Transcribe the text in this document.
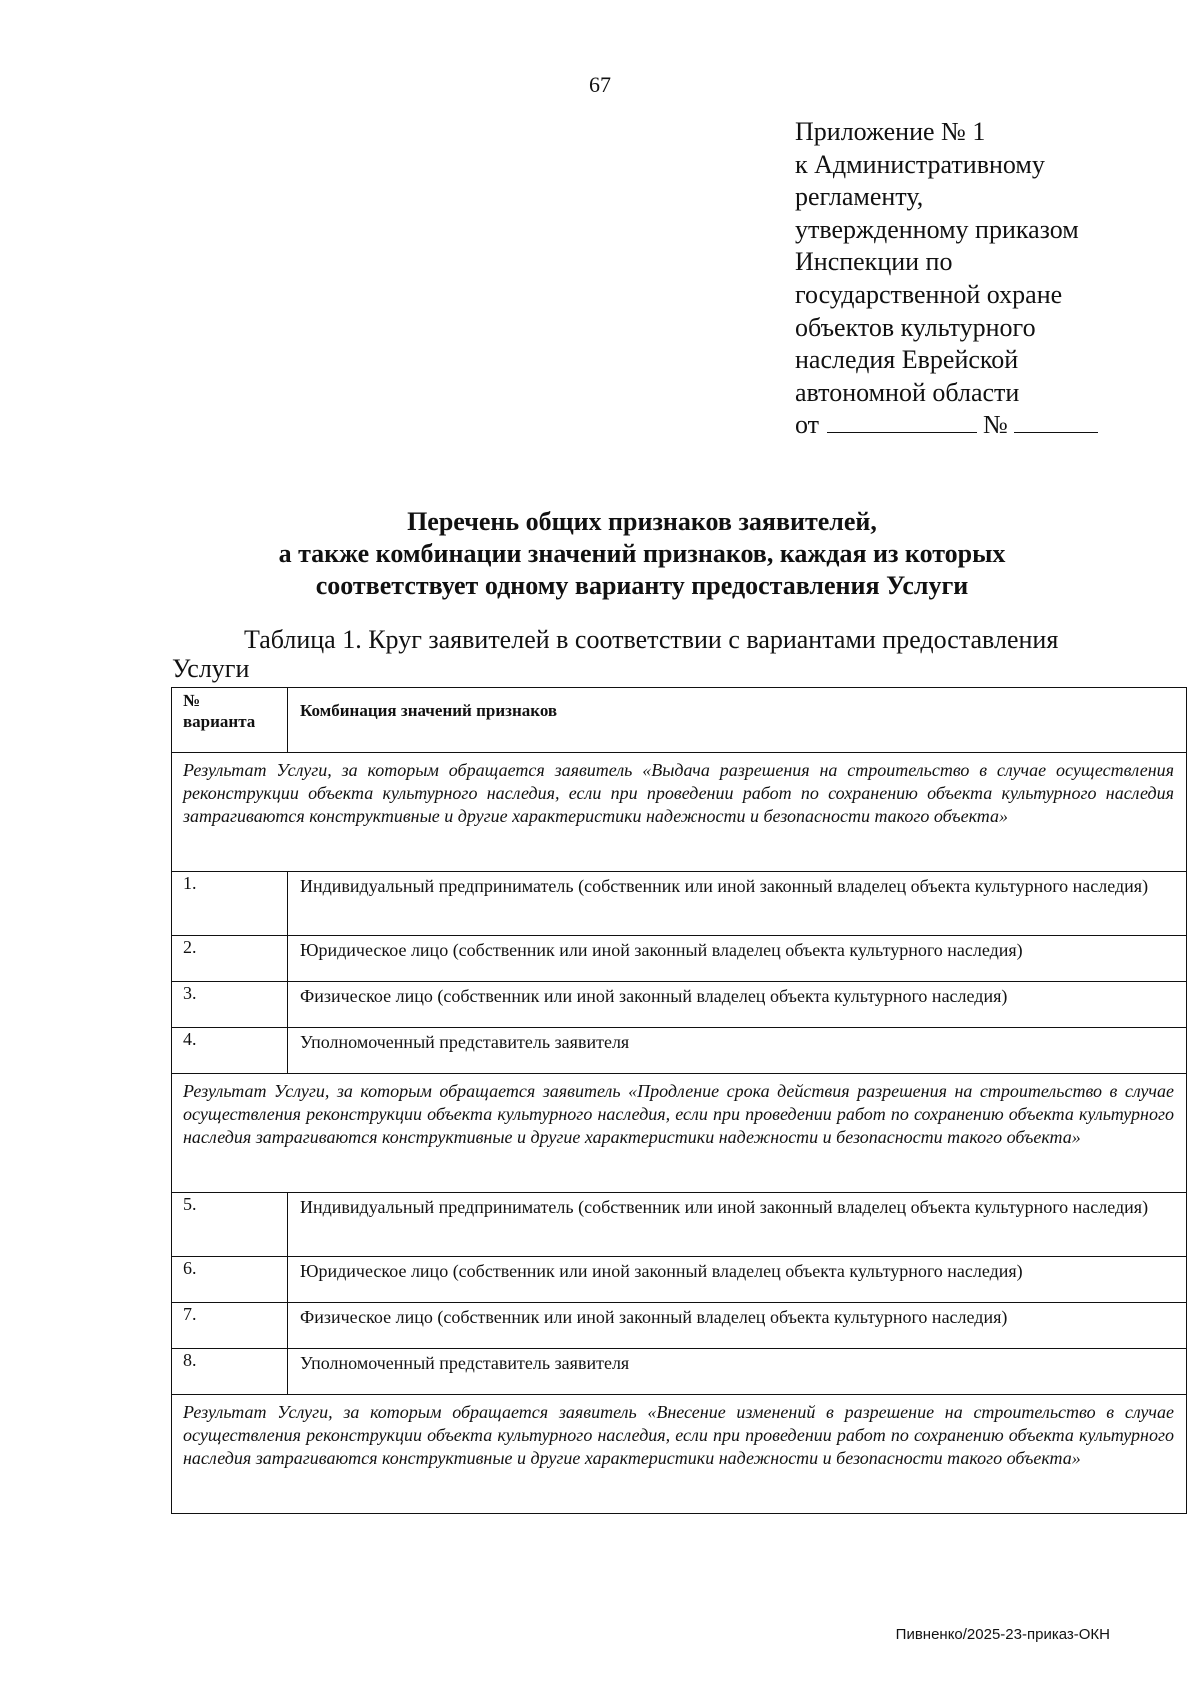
67
Приложение № 1
к Административному
регламенту,
утвержденному приказом
Инспекции по
государственной охране
объектов культурного
наследия Еврейской
автономной области
от	№
Перечень общих признаков заявителей,
а также комбинации значений признаков, каждая из которых
соответствует одному варианту предоставления Услуги
Таблица 1. Круг заявителей в соответствии с вариантами предоставления Услуги
№
варианта	Комбинация значений признаков
Результат Услуги, за которым обращается заявитель «Выдача разрешения на строительство в случае осуществления реконструкции объекта культурного наследия, если при проведении работ по сохранению объекта культурного наследия затрагиваются конструктивные и другие характеристики надежности и безопасности такого объекта»	
1.	Индивидуальный предприниматель (собственник или иной законный владелец объекта культурного наследия)
2.	Юридическое лицо (собственник или иной законный владелец объекта культурного наследия)
3.	Физическое лицо (собственник или иной законный владелец объекта культурного наследия)
4.	Уполномоченный представитель заявителя
Результат Услуги, за которым обращается заявитель «Продление срока действия разрешения на строительство в случае осуществления реконструкции объекта культурного наследия, если при проведении работ по сохранению объекта культурного наследия затрагиваются конструктивные и другие характеристики надежности и безопасности такого объекта»	
5.	Индивидуальный предприниматель (собственник или иной законный владелец объекта культурного наследия)
6.	Юридическое лицо (собственник или иной законный владелец объекта культурного наследия)
7.	Физическое лицо (собственник или иной законный владелец объекта культурного наследия)
8.	Уполномоченный представитель заявителя
Результат Услуги, за которым обращается заявитель «Внесение изменений в разрешение на строительство в случае осуществления реконструкции объекта культурного наследия, если при проведении работ по сохранению объекта культурного наследия затрагиваются конструктивные и другие характеристики надежности и безопасности такого объекта»	
Пивненко/2025-23-приказ-ОКН
